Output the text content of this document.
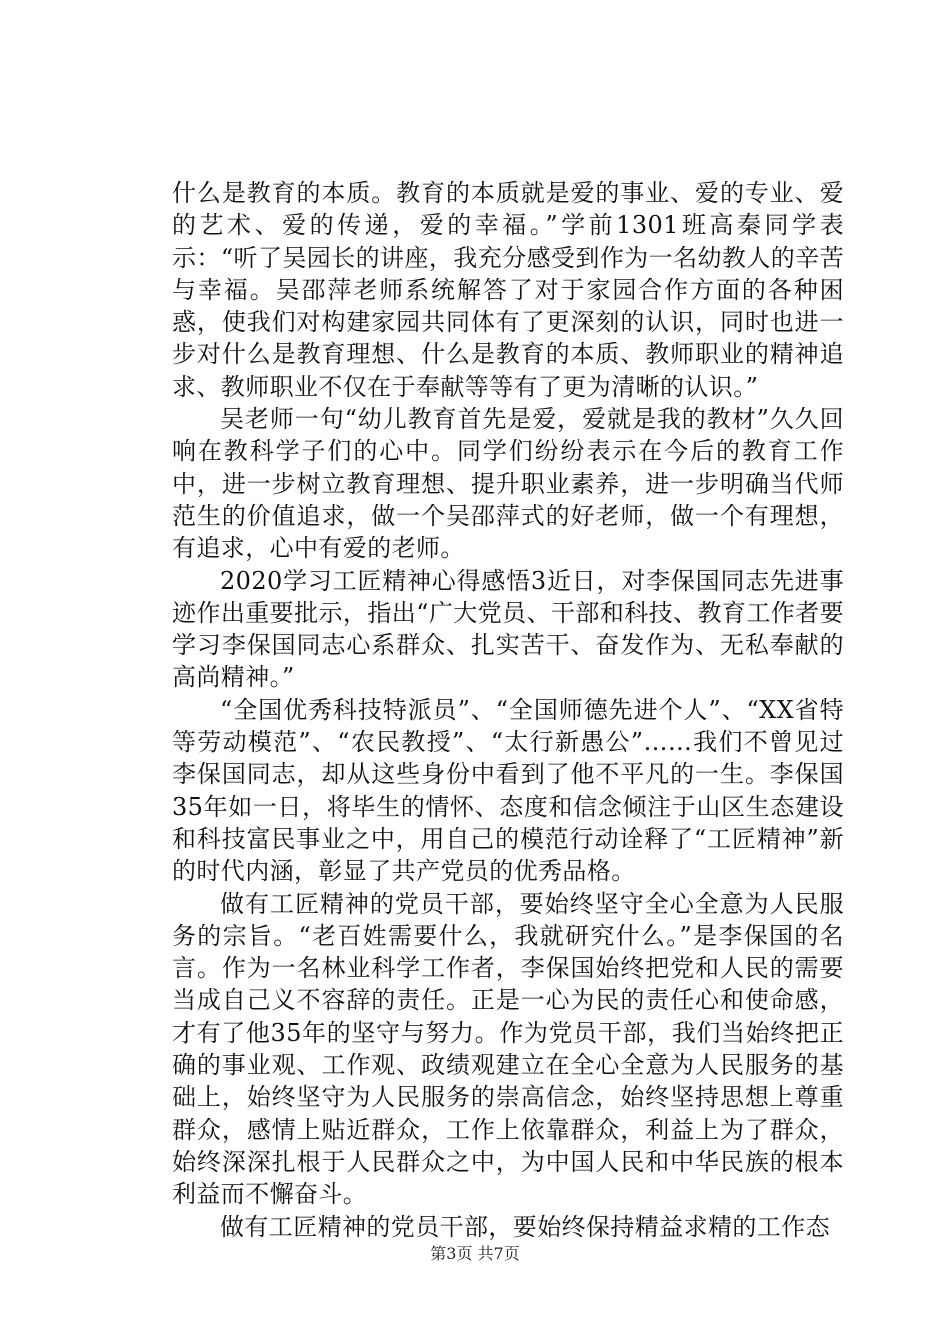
什么是教育的本质。教育的本质就是爱的事业、爱的专业、爱的艺术、爱的传递，爱的幸福。”学前1301班高秦同学表示：“听了吴园长的讲座，我充分感受到作为一名幼教人的辛苦与幸福。吴邵萍老师系统解答了对于家园合作方面的各种困惑，使我们对构建家园共同体有了更深刻的认识，同时也进一步对什么是教育理想、什么是教育的本质、教师职业的精神追求、教师职业不仅在于奉献等等有了更为清晰的认识。”

吴老师一句“幼儿教育首先是爱，爱就是我的教材”久久回响在教科学子们的心中。同学们纷纷表示在今后的教育工作中，进一步树立教育理想、提升职业素养，进一步明确当代师范生的价值追求，做一个吴邵萍式的好老师，做一个有理想，有追求，心中有爱的老师。

2020学习工匠精神心得感悟3近日，对李保国同志先进事迹作出重要批示，指出“广大党员、干部和科技、教育工作者要学习李保国同志心系群众、扎实苦干、奋发作为、无私奉献的高尚精神。”

“全国优秀科技特派员”、“全国师德先进个人”、“XX省特等劳动模范”、“农民教授”、“太行新愚公”……我们不曾见过李保国同志，却从这些身份中看到了他不平凡的一生。李保国35年如一日，将毕生的情怀、态度和信念倾注于山区生态建设和科技富民事业之中，用自己的模范行动诠释了“工匠精神”新的时代内涵，彰显了共产党员的优秀品格。

做有工匠精神的党员干部，要始终坚守全心全意为人民服务的宗旨。“老百姓需要什么，我就研究什么。”是李保国的名言。作为一名林业科学工作者，李保国始终把党和人民的需要当成自己义不容辞的责任。正是一心为民的责任心和使命感，才有了他35年的坚守与努力。作为党员干部，我们当始终把正确的事业观、工作观、政绩观建立在全心全意为人民服务的基础上，始终坚守为人民服务的崇高信念，始终坚持思想上尊重群众，感情上贴近群众，工作上依靠群众，利益上为了群众，始终深深扎根于人民群众之中，为中国人民和中华民族的根本利益而不懈奋斗。

做有工匠精神的党员干部，要始终保持精益求精的工作态

第3页 共7页
